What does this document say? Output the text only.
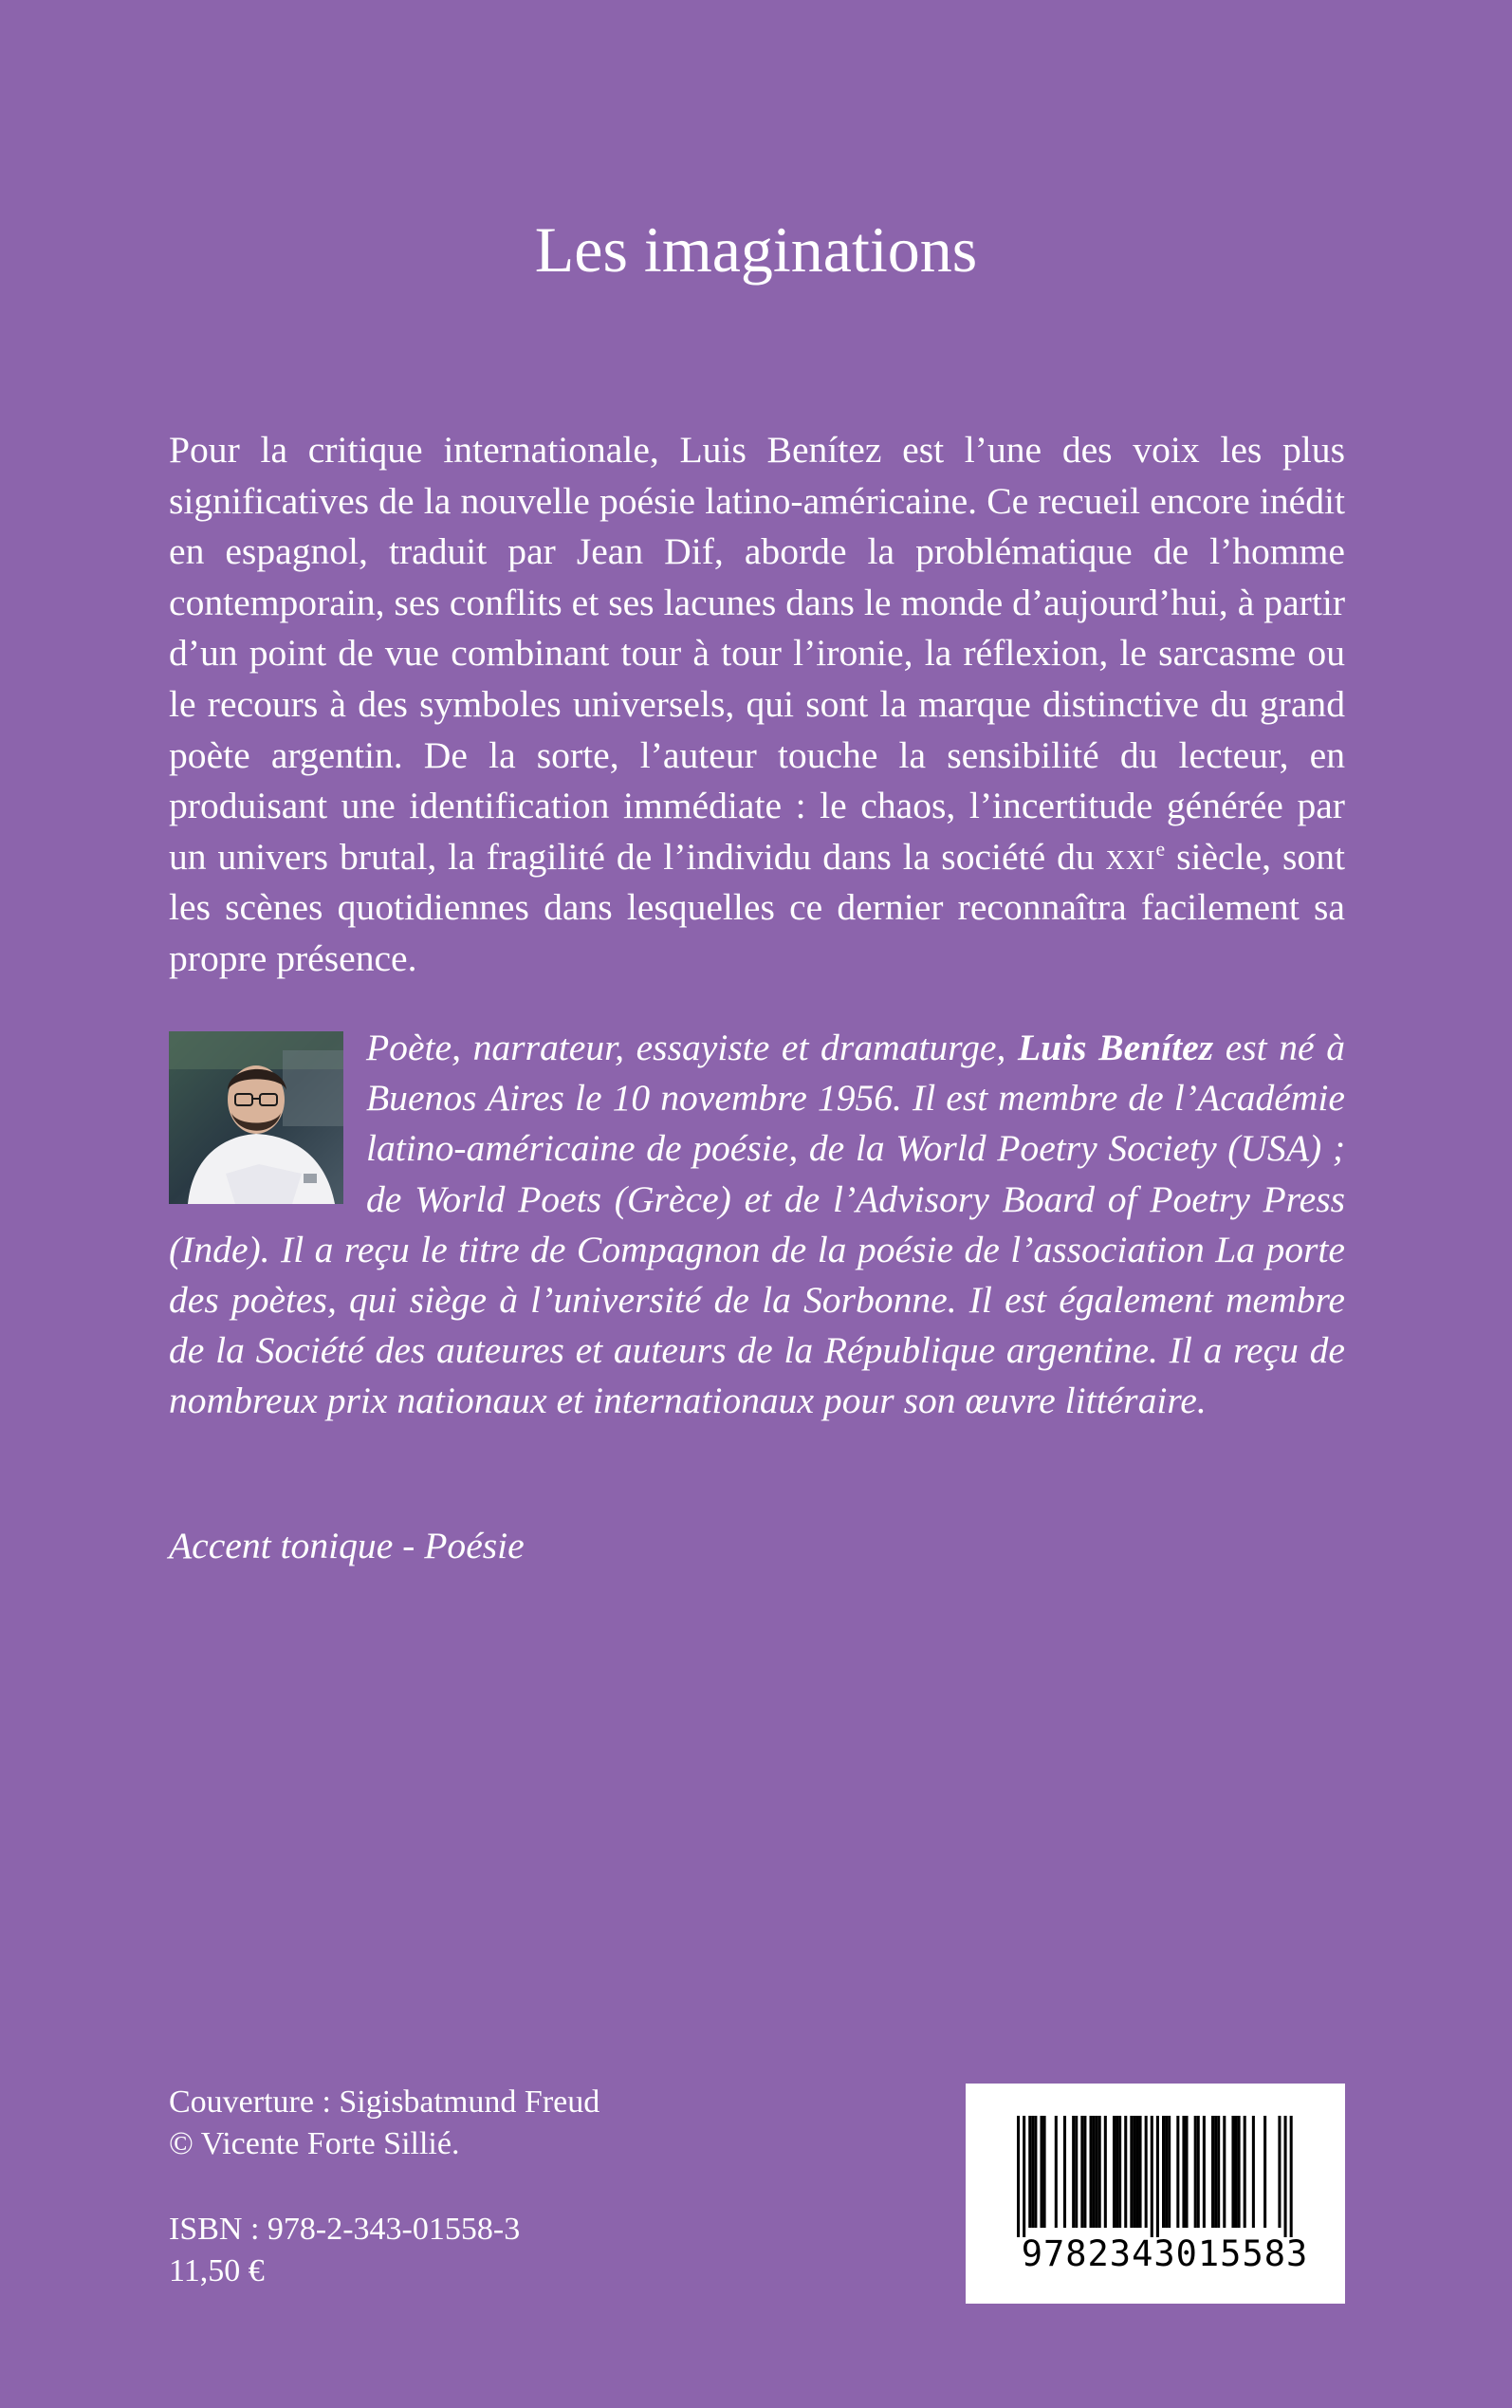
Les imaginations

Pour la critique internationale, Luis Benítez est l’une des voix les plus significatives de la nouvelle poésie latino-américaine. Ce recueil encore inédit en espagnol, traduit par Jean Dif, aborde la problématique de l’homme contemporain, ses conflits et ses lacunes dans le monde d’aujourd’hui, à partir d’un point de vue combinant tour à tour l’ironie, la réflexion, le sarcasme ou le recours à des symboles universels, qui sont la marque distinctive du grand poète argentin. De la sorte, l’auteur touche la sensibilité du lecteur, en produisant une identification immédiate : le chaos, l’incertitude générée par un univers brutal, la fragilité de l’individu dans la société du xxi$^e$ siècle, sont les scènes quotidiennes dans lesquelles ce dernier reconnaîtra facilement sa propre présence.

Poète, narrateur, essayiste et dramaturge, Luis Benítez est né à Buenos Aires le 10 novembre 1956. Il est membre de l’Académie latino-américaine de poésie, de la World Poetry Society (USA) ; de World Poets (Grèce) et de l’Advisory Board of Poetry Press (Inde). Il a reçu le titre de Compagnon de la poésie de l’association La porte des poètes, qui siège à l’université de la Sorbonne. Il est également membre de la Société des auteures et auteurs de la République argentine. Il a reçu de nombreux prix nationaux et internationaux pour son œuvre littéraire.

Accent tonique - Poésie

Couverture : Sigisbatmund Freud
© Vicente Forte Sillié.
ISBN : 978-2-343-01558-3
11,50 €	9782343015583
